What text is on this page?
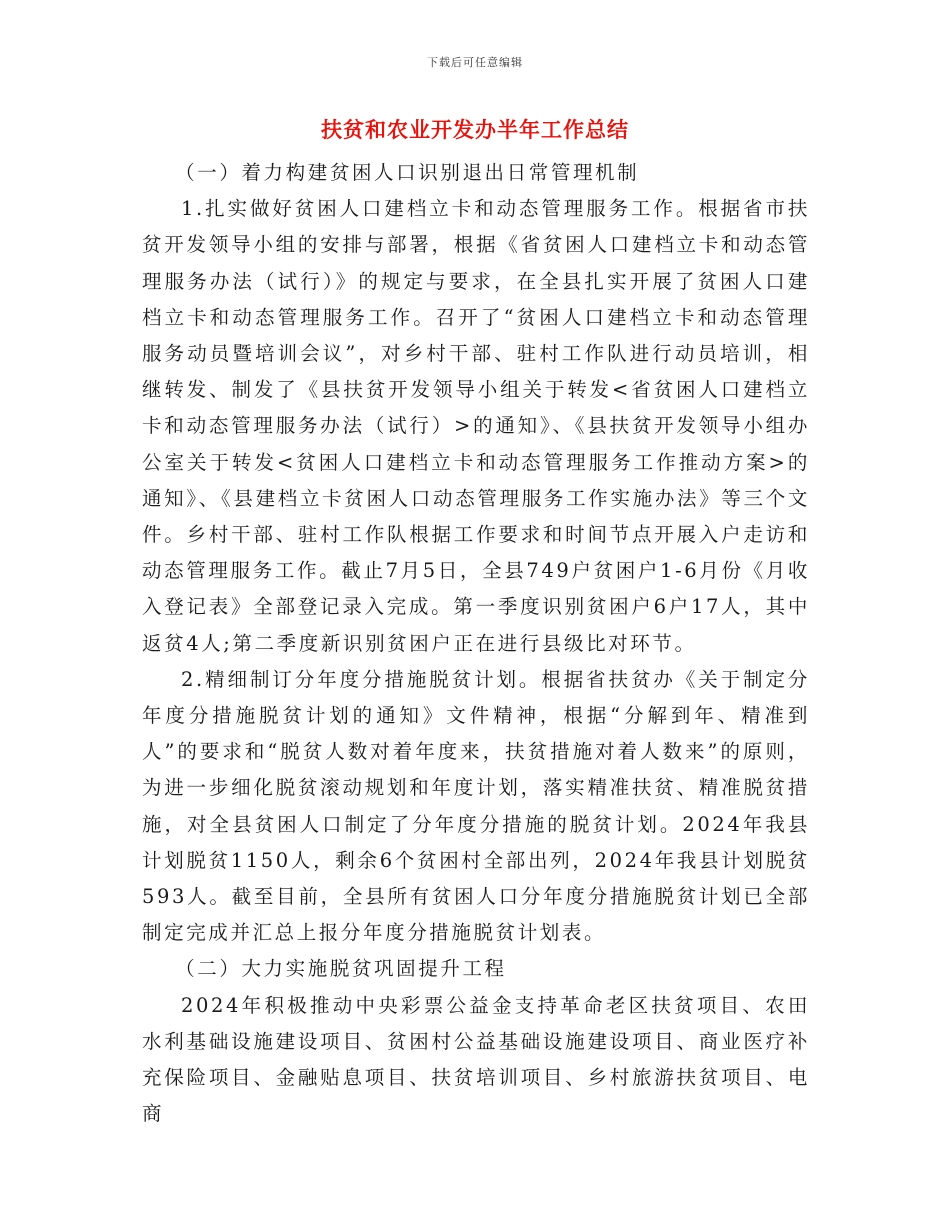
下载后可任意编辑
扶贫和农业开发办半年工作总结

（一）着力构建贫困人口识别退出日常管理机制

1.扎实做好贫困人口建档立卡和动态管理服务工作。根据省市扶贫开发领导小组的安排与部署，根据《省贫困人口建档立卡和动态管理服务办法（试行）》的规定与要求，在全县扎实开展了贫困人口建档立卡和动态管理服务工作。召开了“贫困人口建档立卡和动态管理服务动员暨培训会议”，对乡村干部、驻村工作队进行动员培训，相继转发、制发了《县扶贫开发领导小组关于转发<省贫困人口建档立卡和动态管理服务办法（试行）>的通知》、《县扶贫开发领导小组办公室关于转发<贫困人口建档立卡和动态管理服务工作推动方案>的通知》、《县建档立卡贫困人口动态管理服务工作实施办法》等三个文件。乡村干部、驻村工作队根据工作要求和时间节点开展入户走访和动态管理服务工作。截止7月5日，全县749户贫困户1-6月份《月收入登记表》全部登记录入完成。第一季度识别贫困户6户17人，其中返贫4人;第二季度新识别贫困户正在进行县级比对环节。

2.精细制订分年度分措施脱贫计划。根据省扶贫办《关于制定分年度分措施脱贫计划的通知》文件精神，根据“分解到年、精准到人”的要求和“脱贫人数对着年度来，扶贫措施对着人数来”的原则，为进一步细化脱贫滚动规划和年度计划，落实精准扶贫、精准脱贫措施，对全县贫困人口制定了分年度分措施的脱贫计划。2024年我县计划脱贫1150人，剩余6个贫困村全部出列，2024年我县计划脱贫593人。截至目前，全县所有贫困人口分年度分措施脱贫计划已全部制定完成并汇总上报分年度分措施脱贫计划表。

（二）大力实施脱贫巩固提升工程

2024年积极推动中央彩票公益金支持革命老区扶贫项目、农田水利基础设施建设项目、贫困村公益基础设施建设项目、商业医疗补充保险项目、金融贴息项目、扶贫培训项目、乡村旅游扶贫项目、电商
